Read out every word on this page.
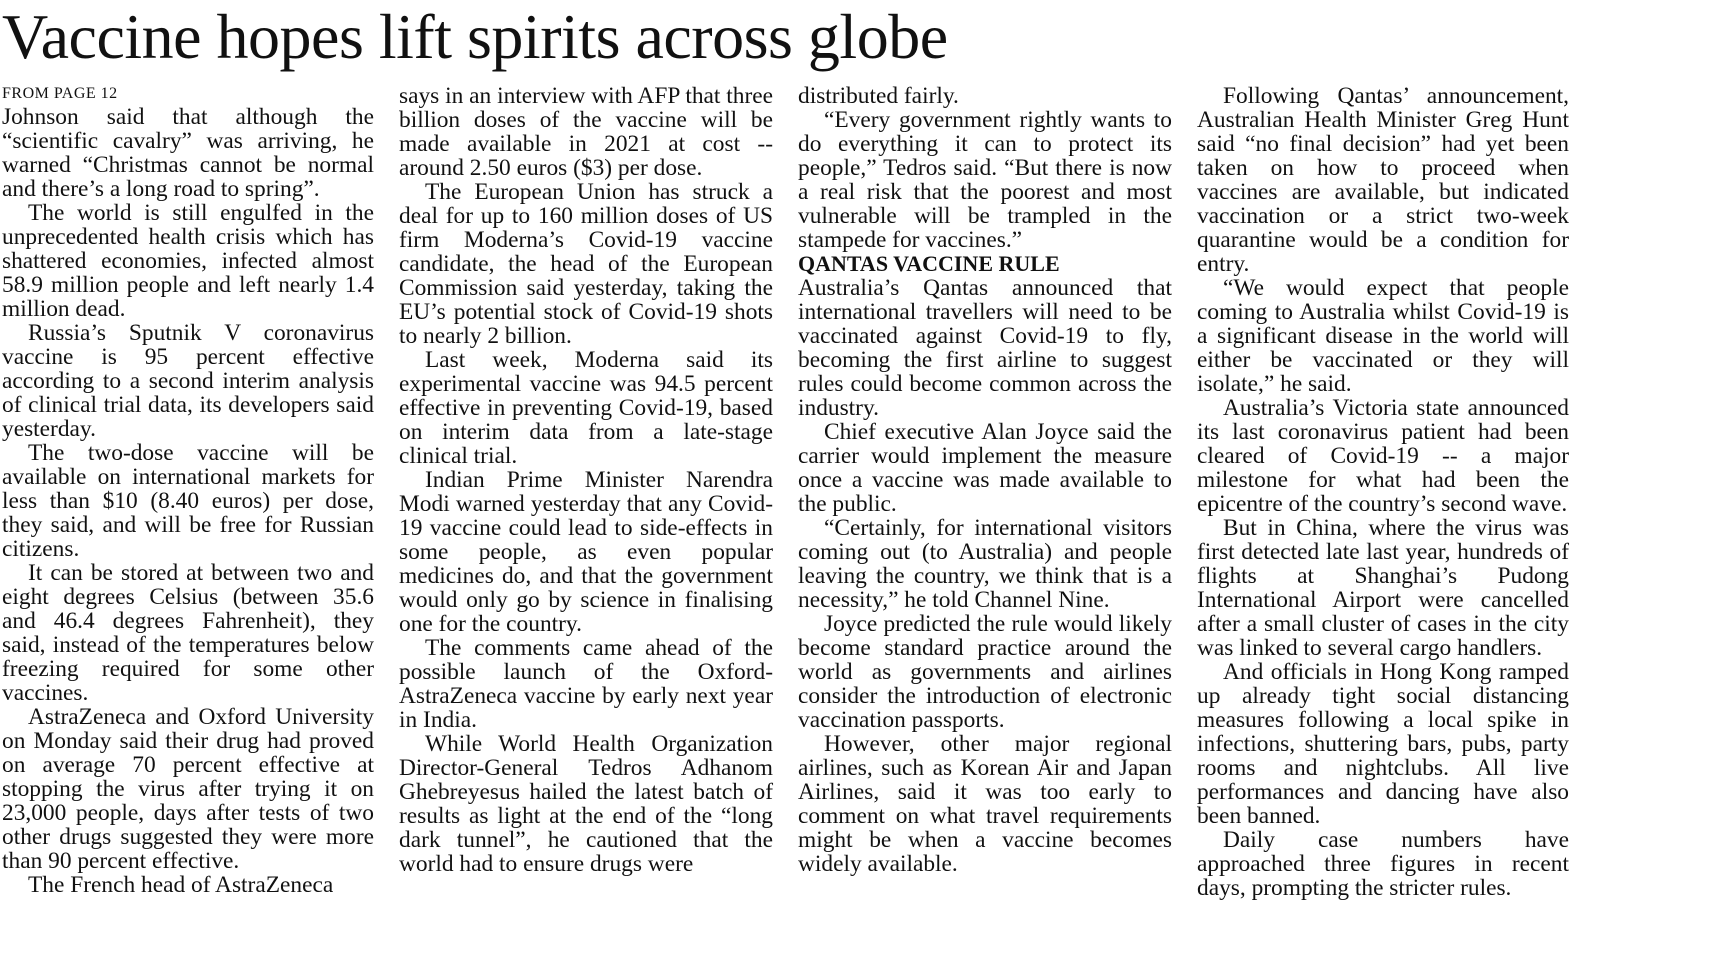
Vaccine hopes lift spirits across globe
FROM PAGE 12

Johnson said that although the “scientific cavalry” was arriving, he warned “Christmas cannot be normal and there’s a long road to spring”.

The world is still engulfed in the unprecedented health crisis which has shattered economies, infected almost 58.9 million people and left nearly 1.4 million dead.

Russia’s Sputnik V coronavirus vaccine is 95 percent effective according to a second interim analysis of clinical trial data, its developers said yesterday.

The two-dose vaccine will be available on international markets for less than $10 (8.40 euros) per dose, they said, and will be free for Russian citizens.

It can be stored at between two and eight degrees Celsius (between 35.6 and 46.4 degrees Fahrenheit), they said, instead of the temperatures below freezing required for some other vaccines.

AstraZeneca and Oxford University on Monday said their drug had proved on average 70 percent effective at stopping the virus after trying it on 23,000 people, days after tests of two other drugs suggested they were more than 90 percent effective.

The French head of AstraZeneca

says in an interview with AFP that three billion doses of the vaccine will be made available in 2021 at cost -- around 2.50 euros ($3) per dose.

The European Union has struck a deal for up to 160 million doses of US firm Moderna’s Covid-19 vaccine candidate, the head of the European Commission said yesterday, taking the EU’s potential stock of Covid-19 shots to nearly 2 billion.

Last week, Moderna said its experimental vaccine was 94.5 percent effective in preventing Covid-19, based on interim data from a late-stage clinical trial.

Indian Prime Minister Narendra Modi warned yesterday that any Covid-19 vaccine could lead to side-effects in some people, as even popular medicines do, and that the government would only go by science in finalising one for the country.

The comments came ahead of the possible launch of the Oxford-AstraZeneca vaccine by early next year in India.

While World Health Organization Director-General Tedros Adhanom Ghebreyesus hailed the latest batch of results as light at the end of the “long dark tunnel”, he cautioned that the world had to ensure drugs were

distributed fairly.

“Every government rightly wants to do everything it can to protect its people,” Tedros said. “But there is now a real risk that the poorest and most vulnerable will be trampled in the stampede for vaccines.”

QANTAS VACCINE RULE

Australia’s Qantas announced that international travellers will need to be vaccinated against Covid-19 to fly, becoming the first airline to suggest rules could become common across the industry.

Chief executive Alan Joyce said the carrier would implement the measure once a vaccine was made available to the public.

“Certainly, for international visitors coming out (to Australia) and people leaving the country, we think that is a necessity,” he told Channel Nine.

Joyce predicted the rule would likely become standard practice around the world as governments and airlines consider the introduction of electronic vaccination passports.

However, other major regional airlines, such as Korean Air and Japan Airlines, said it was too early to comment on what travel requirements might be when a vaccine becomes widely available.

Following Qantas’ announcement, Australian Health Minister Greg Hunt said “no final decision” had yet been taken on how to proceed when vaccines are available, but indicated vaccination or a strict two-week quarantine would be a condition for entry.

“We would expect that people coming to Australia whilst Covid-19 is a significant disease in the world will either be vaccinated or they will isolate,” he said.

Australia’s Victoria state announced its last coronavirus patient had been cleared of Covid-19 -- a major milestone for what had been the epicentre of the country’s second wave.

But in China, where the virus was first detected late last year, hundreds of flights at Shanghai’s Pudong International Airport were cancelled after a small cluster of cases in the city was linked to several cargo handlers.

And officials in Hong Kong ramped up already tight social distancing measures following a local spike in infections, shuttering bars, pubs, party rooms and nightclubs. All live performances and dancing have also been banned.

Daily case numbers have approached three figures in recent days, prompting the stricter rules.
